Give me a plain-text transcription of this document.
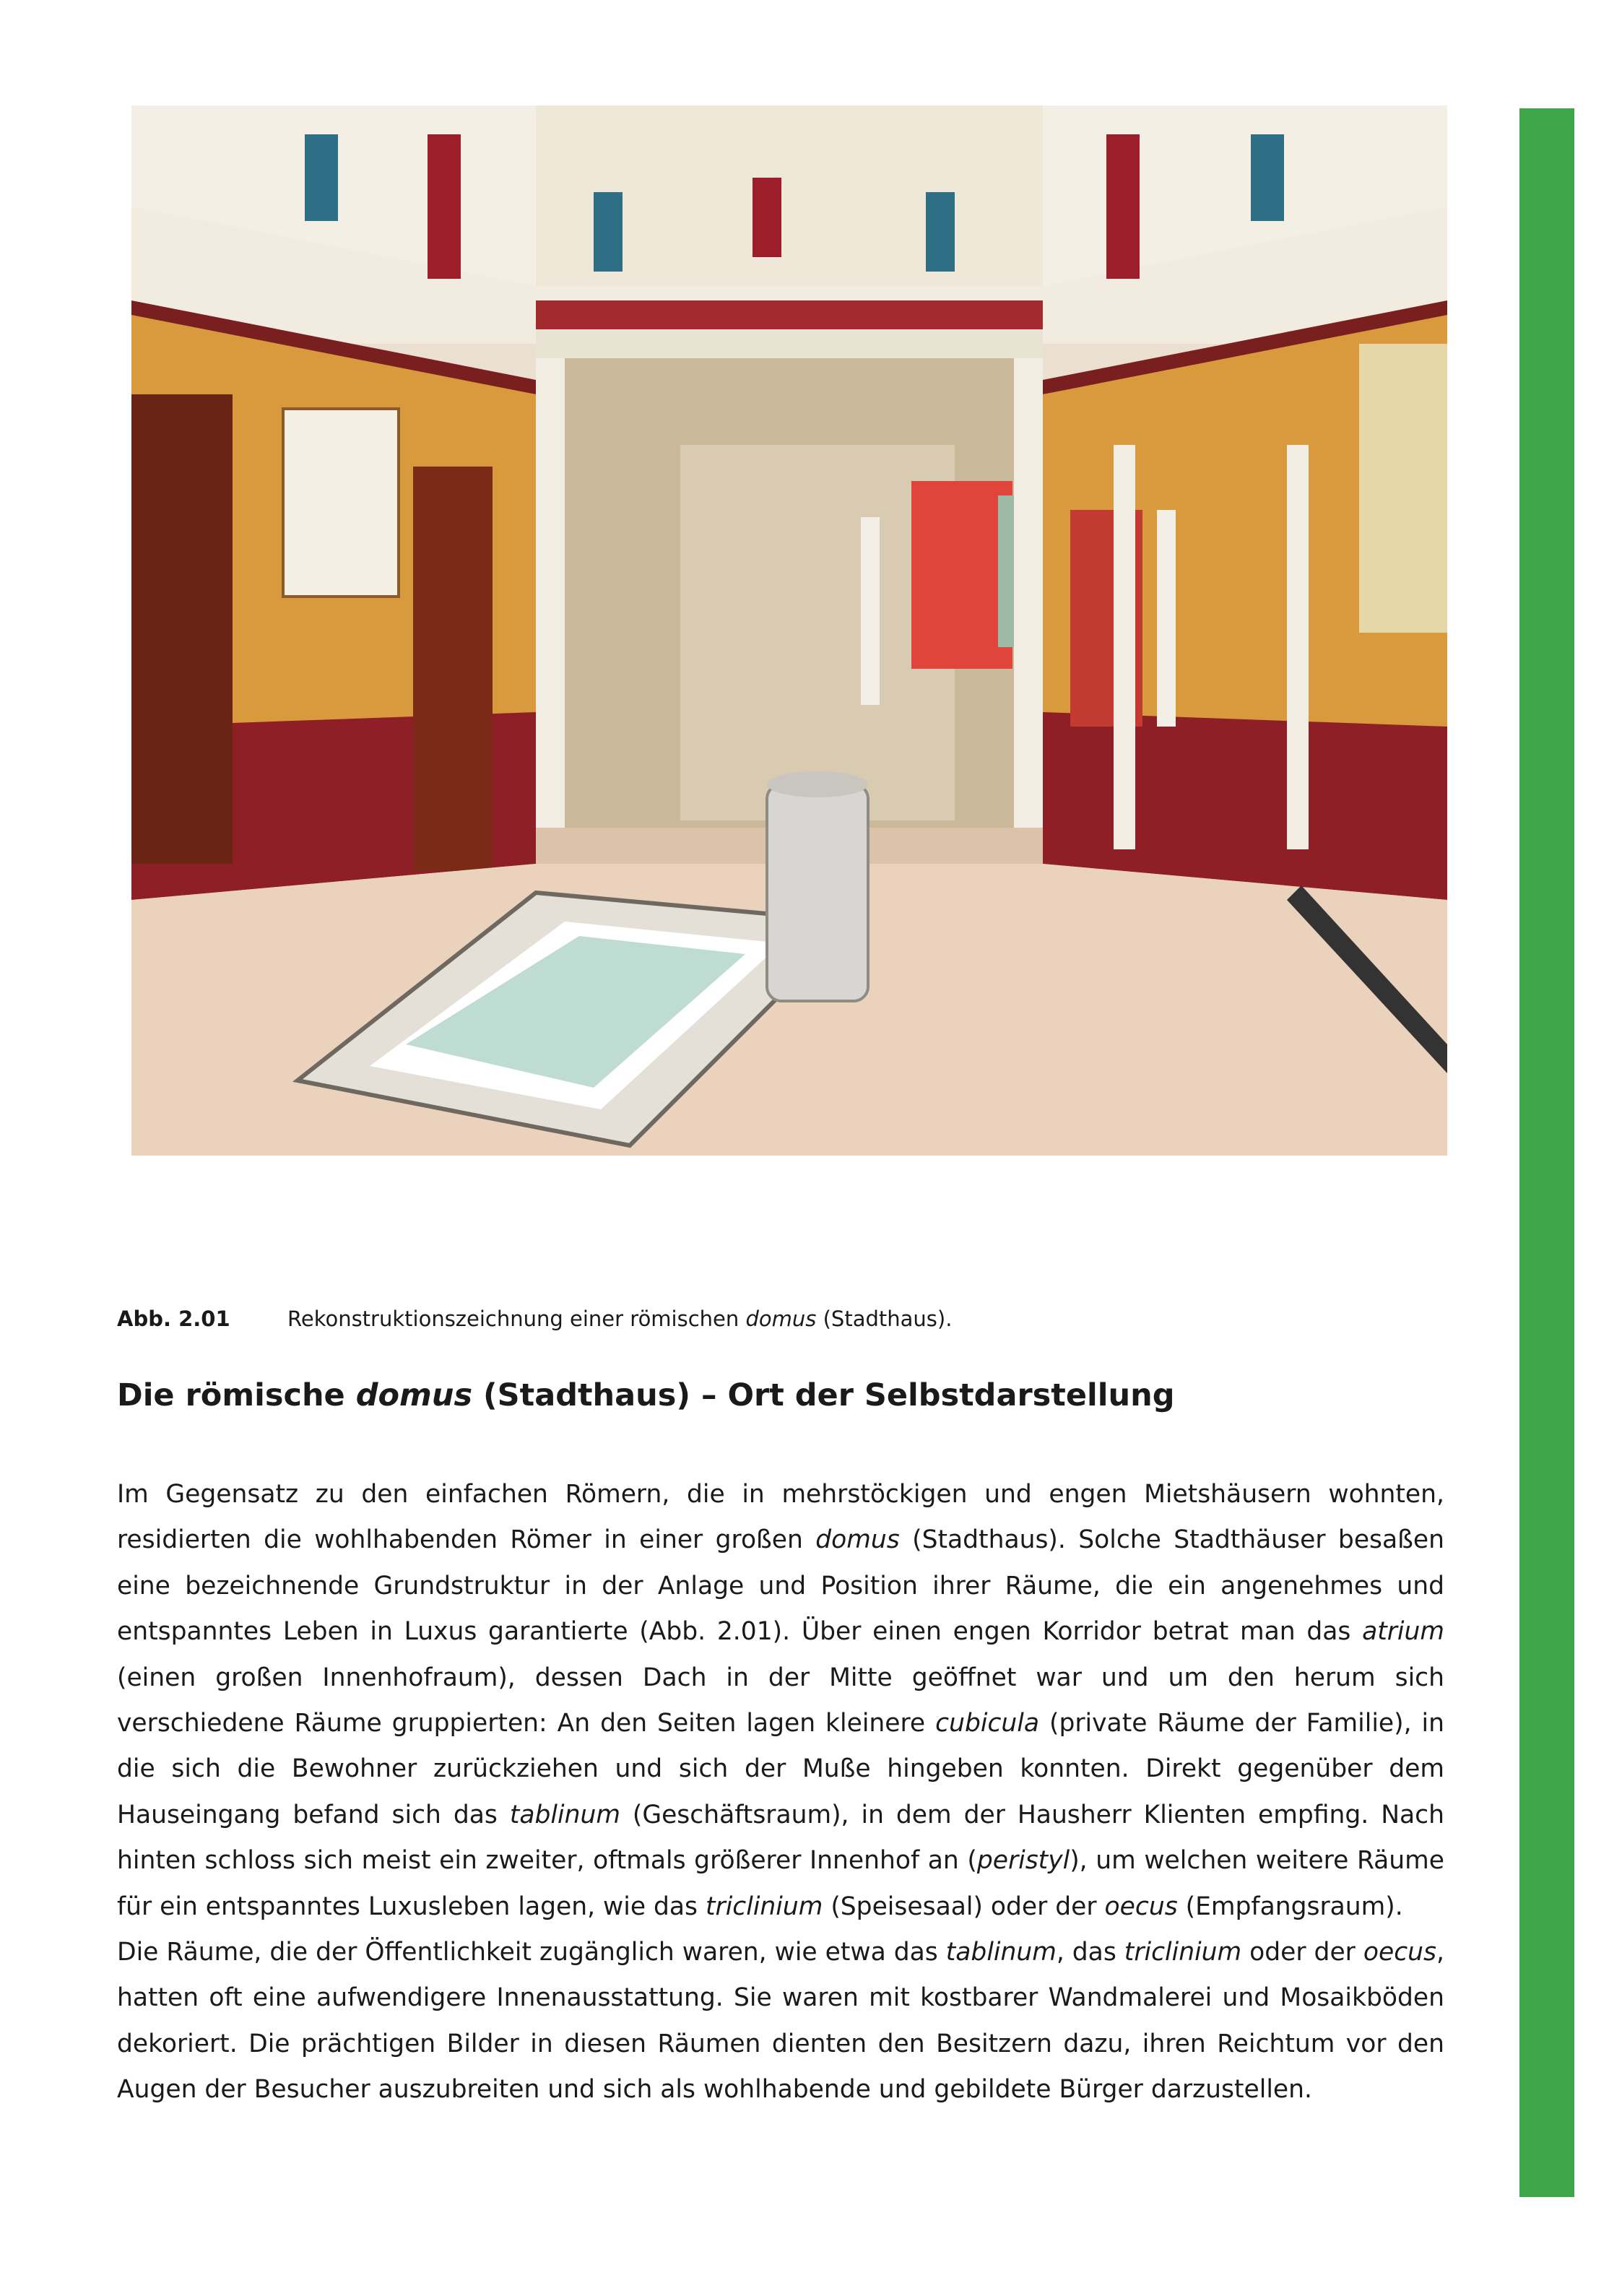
Abb. 2.01	Rekonstruktionszeichnung einer römischen domus (Stadthaus).
Die römische domus (Stadthaus) – Ort der Selbstdarstellung

Im Gegensatz zu den einfachen Römern, die in mehrstöckigen und engen Mietshäusern wohnten, residierten die wohlhabenden Römer in einer großen domus (Stadthaus). Solche Stadthäuser besaßen eine bezeichnende Grundstruktur in der Anlage und Position ihrer Räume, die ein angenehmes und entspanntes Leben in Luxus garantierte (Abb. 2.01). Über einen engen Korridor betrat man das atrium (einen großen Innenhofraum), dessen Dach in der Mitte geöffnet war und um den herum sich verschiedene Räume gruppierten: An den Seiten lagen kleinere cubicula (private Räume der Familie), in die sich die Bewohner zurückziehen und sich der Muße hingeben konnten. Direkt gegenüber dem Hauseingang befand sich das tablinum (Geschäftsraum), in dem der Hausherr Klienten empfing. Nach hinten schloss sich meist ein zweiter, oftmals größerer Innenhof an (peristyl), um welchen weitere Räume für ein entspanntes Luxusleben lagen, wie das triclinium (Speisesaal) oder der oecus (Empfangsraum).

Die Räume, die der Öffentlichkeit zugänglich waren, wie etwa das tablinum, das triclinium oder der oecus, hatten oft eine aufwendigere Innenausstattung. Sie waren mit kostbarer Wandmalerei und Mosaikböden dekoriert. Die prächtigen Bilder in diesen Räumen dienten den Besitzern dazu, ihren Reichtum vor den Augen der Besucher auszubreiten und sich als wohlhabende und gebildete Bürger darzustellen.
